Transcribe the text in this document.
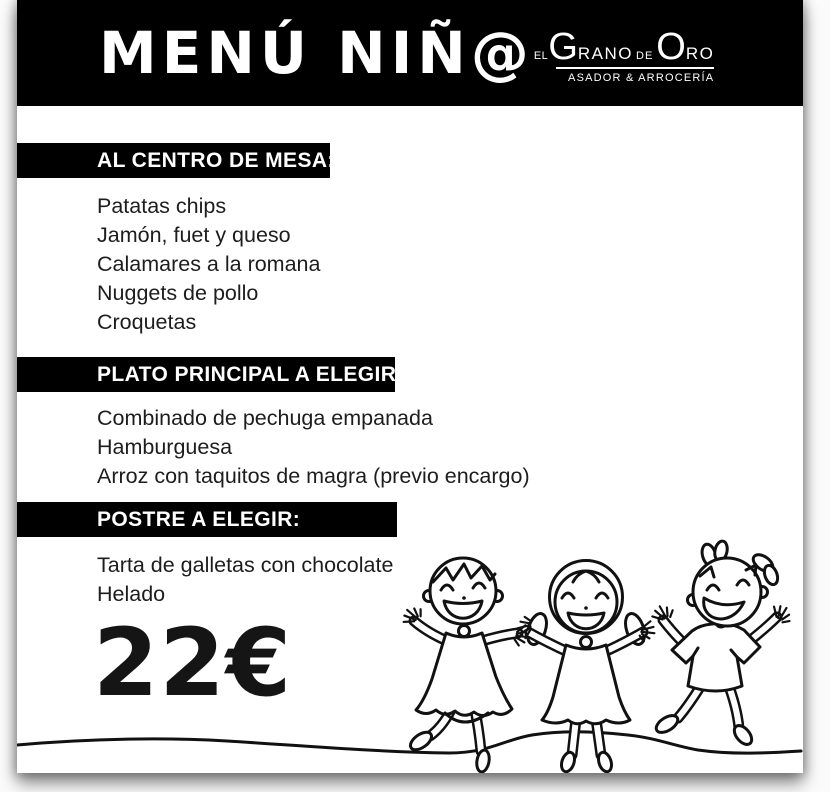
MENÚ NIÑ@ EL G RANO DE O RO
ASADOR & ARROCERÍA
AL CENTRO DE MESA:
Patatas chips
Jamón, fuet y queso
Calamares a la romana
Nuggets de pollo
Croquetas
PLATO PRINCIPAL A ELEGIR:
Combinado de pechuga empanada
Hamburguesa
Arroz con taquitos de magra (previo encargo)
POSTRE A ELEGIR:
Tarta de galletas con chocolate
Helado
22€
